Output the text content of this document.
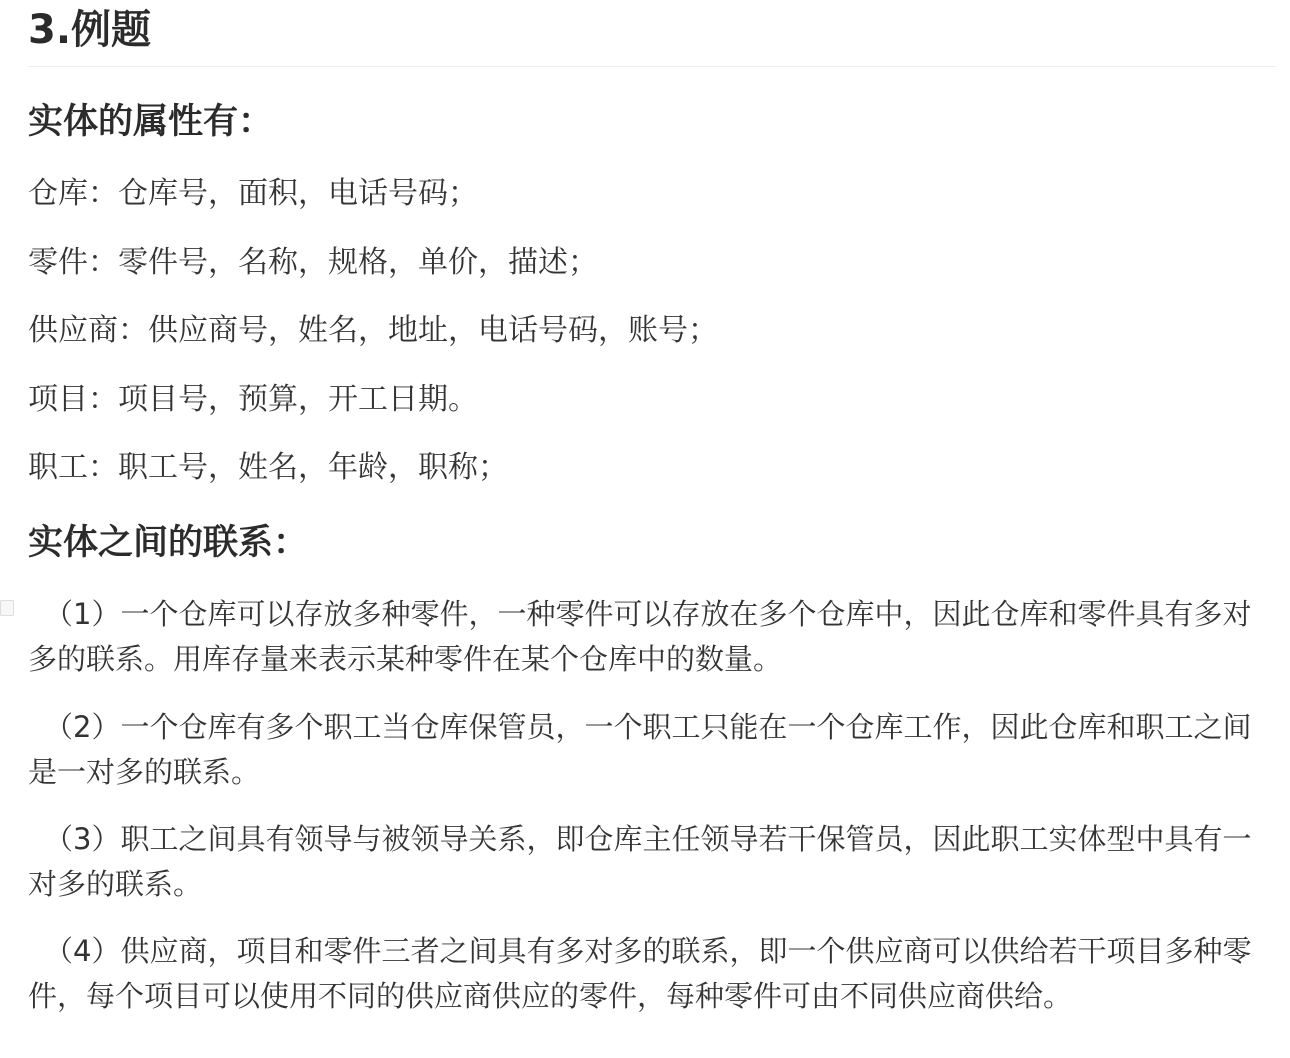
3.例题
实体的属性有：
仓库：仓库号，面积，电话号码；
零件：零件号，名称，规格，单价，描述；
供应商：供应商号，姓名，地址，电话号码，账号；
项目：项目号，预算，开工日期。
职工：职工号，姓名，年龄，职称；
实体之间的联系：
（1）一个仓库可以存放多种零件，一种零件可以存放在多个仓库中，因此仓库和零件具有多对多的联系。用库存量来表示某种零件在某个仓库中的数量。
（2）一个仓库有多个职工当仓库保管员，一个职工只能在一个仓库工作，因此仓库和职工之间是一对多的联系。
（3）职工之间具有领导与被领导关系，即仓库主任领导若干保管员，因此职工实体型中具有一对多的联系。
（4）供应商，项目和零件三者之间具有多对多的联系，即一个供应商可以供给若干项目多种零件，每个项目可以使用不同的供应商供应的零件，每种零件可由不同供应商供给。
